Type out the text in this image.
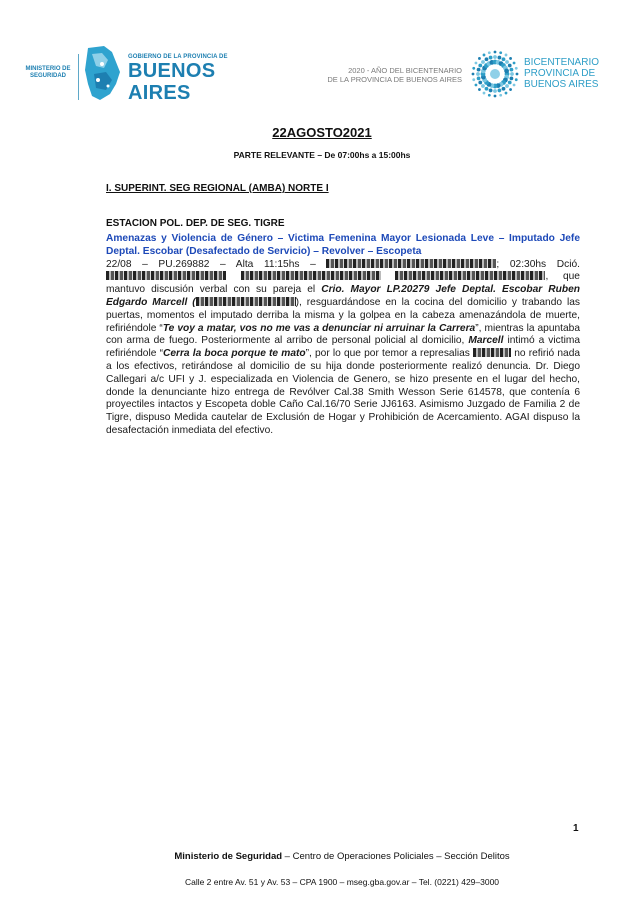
MINISTERIO DE
SEGURIDAD
GOBIERNO DE LA PROVINCIA DE
BUENOS AIRES
2020 - AÑO DEL BICENTENARIO
DE LA PROVINCIA DE BUENOS AIRES
BICENTENARIO
PROVINCIA DE
BUENOS AIRES
22AGOSTO2021
PARTE RELEVANTE – De 07:00hs a 15:00hs
I. SUPERINT. SEG REGIONAL (AMBA) NORTE I
ESTACION POL. DEP. DE SEG. TIGRE
Amenazas y Violencia de Género – Victima Femenina Mayor Lesionada Leve – Imputado Jefe Deptal. Escobar (Desafectado de Servicio) – Revolver – Escopeta
22/08 – PU.269882 – Alta 11:15hs –	; 02:30hs Dció.   , que mantuvo discusión verbal con su pareja el Crio. Mayor LP.20279 Jefe Deptal. Escobar Ruben Edgardo Marcell (	), resguardándose en la cocina del domicilio y trabando las puertas, momentos el imputado derriba la misma y la golpea en la cabeza amenazándola de muerte, refiriéndole “Te voy a matar, vos no me vas a denunciar ni arruinar la Carrera”, mientras la apuntaba con arma de fuego. Posteriormente al arribo de personal policial al domicilio, Marcell intimó a victima refiriéndole “Cerra la boca porque te mato”, por lo que por temor a represalias	no refirió nada a los efectivos, retirándose al domicilio de su hija donde posteriormente realizó denuncia. Dr. Diego Callegari a/c UFI y J. especializada en Violencia de Genero, se hizo presente en el lugar del hecho, donde la denunciante hizo entrega de Revólver Cal.38 Smith Wesson Serie 614578, que contenía 6 proyectiles intactos y Escopeta doble Caño Cal.16/70 Serie JJ6163. Asimismo Juzgado de Familia 2 de Tigre, dispuso Medida cautelar de Exclusión de Hogar y Prohibición de Acercamiento. AGAI dispuso la desafectación inmediata del efectivo.
1
Ministerio de Seguridad – Centro de Operaciones Policiales – Sección Delitos
Calle 2 entre Av. 51 y Av. 53 – CPA 1900 – mseg.gba.gov.ar – Tel. (0221) 429–3000
